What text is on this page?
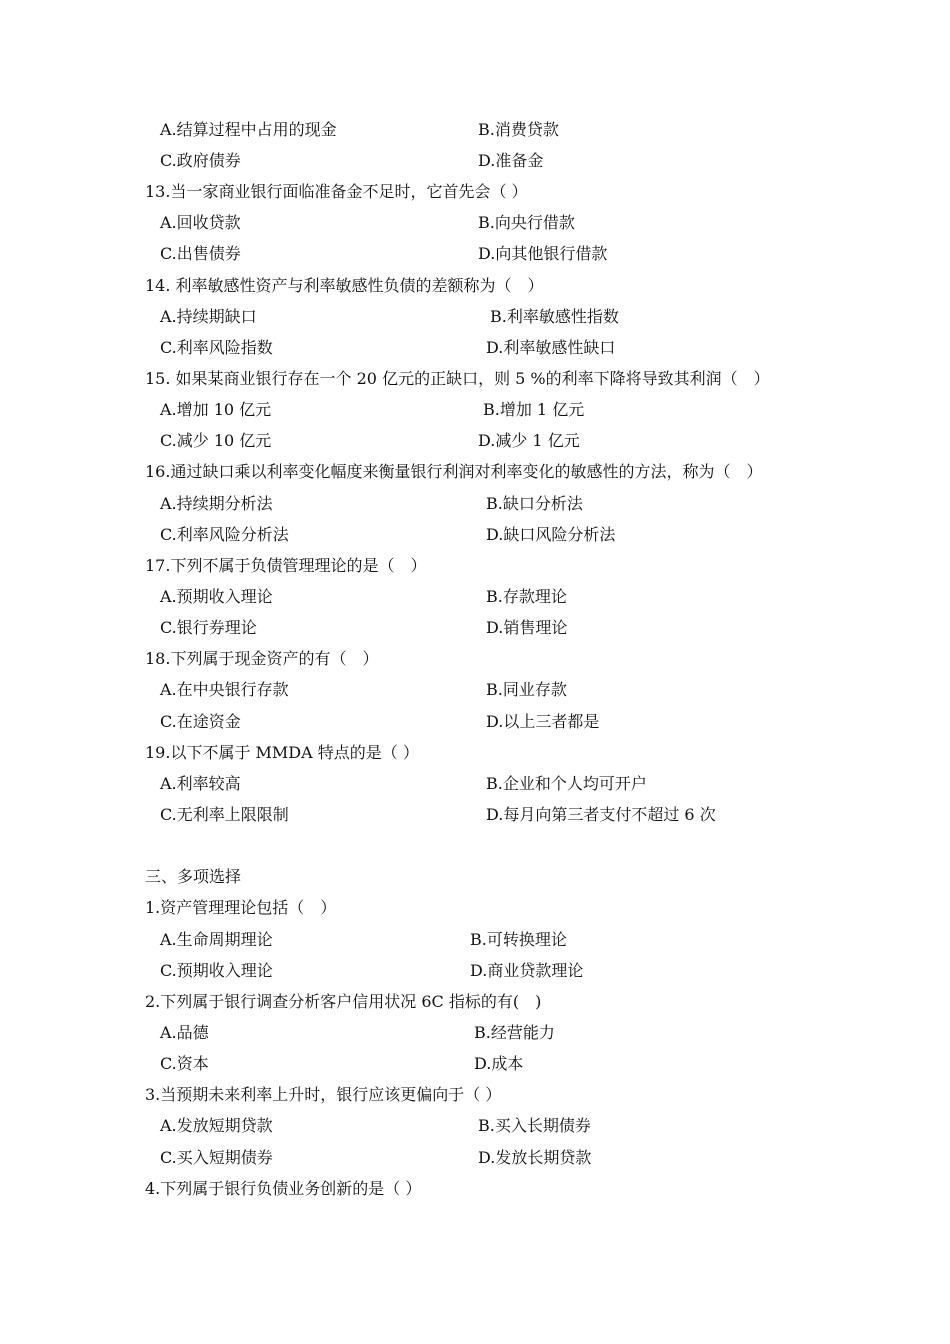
A.结算过程中占用的现金	B.消费贷款
C.政府债券	D.准备金
13.当一家商业银行面临准备金不足时，它首先会（ ）
A.回收贷款	B.向央行借款
C.出售债券	D.向其他银行借款
14. 利率敏感性资产与利率敏感性负债的差额称为（　）
A.持续期缺口	B.利率敏感性指数
C.利率风险指数	D.利率敏感性缺口
15. 如果某商业银行存在一个 20 亿元的正缺口，则 5 %的利率下降将导致其利润（　）
A.增加 10 亿元	B.增加 1 亿元
C.减少 10 亿元	D.减少 1 亿元
16.通过缺口乘以利率变化幅度来衡量银行利润对利率变化的敏感性的方法，称为（　）
A.持续期分析法	B.缺口分析法
C.利率风险分析法	D.缺口风险分析法
17.下列不属于负债管理理论的是（　）
A.预期收入理论	B.存款理论
C.银行券理论	D.销售理论
18.下列属于现金资产的有（　）
A.在中央银行存款	B.同业存款
C.在途资金	D.以上三者都是
19.以下不属于 MMDA 特点的是（ ）
A.利率较高	B.企业和个人均可开户
C.无利率上限限制	D.每月向第三者支付不超过 6 次
三、多项选择
1.资产管理理论包括（　）
A.生命周期理论	B.可转换理论
C.预期收入理论	D.商业贷款理论
2.下列属于银行调查分析客户信用状况 6C 指标的有(　)
A.品德	B.经营能力
C.资本	D.成本
3.当预期未来利率上升时，银行应该更偏向于（ ）
A.发放短期贷款	B.买入长期债券
C.买入短期债券	D.发放长期贷款
4.下列属于银行负债业务创新的是（ ）
